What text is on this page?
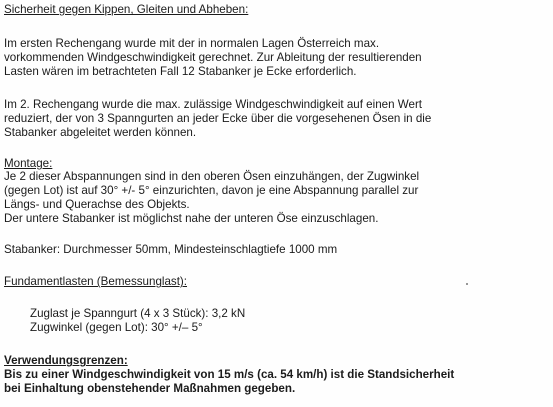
Sicherheit gegen Kippen, Gleiten und Abheben:

Im ersten Rechengang wurde mit der in normalen Lagen Österreich max.

vorkommenden Windgeschwindigkeit gerechnet. Zur Ableitung der resultierenden

Lasten wären im betrachteten Fall 12 Stabanker je Ecke erforderlich.

Im 2. Rechengang wurde die max. zulässige Windgeschwindigkeit auf einen Wert

reduziert, der von 3 Spanngurten an jeder Ecke über die vorgesehenen Ösen in die

Stabanker abgeleitet werden können.

Montage:

Je 2 dieser Abspannungen sind in den oberen Ösen einzuhängen, der Zugwinkel

(gegen Lot) ist auf 30° +/- 5° einzurichten, davon je eine Abspannung parallel zur

Längs- und Querachse des Objekts.

Der untere Stabanker ist möglichst nahe der unteren Öse einzuschlagen.

Stabanker: Durchmesser 50mm, Mindesteinschlagtiefe 1000 mm

Fundamentlasten (Bemessunglast):

Zuglast je Spanngurt (4 x 3 Stück): 3,2 kN

Zugwinkel (gegen Lot): 30° +/– 5°

Verwendungsgrenzen:

Bis zu einer Windgeschwindigkeit von 15 m/s (ca. 54 km/h) ist die Standsicherheit

bei Einhaltung obenstehender Maßnahmen gegeben.
